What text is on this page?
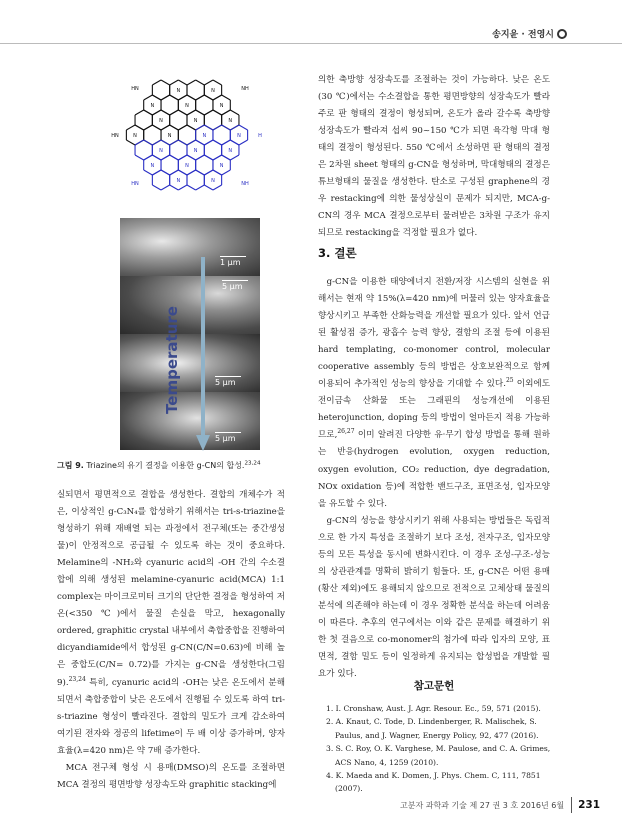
송지윤 · 전영시
N	N
N	N	N
N	N	N
N	N	N	N
N	N	N
N	N	N
N	N
HN	NH
HN	H
HN	NH
1 μm
5 μm
5 μm
5 μm
Temperature
그림 9. Triazine의 유기 결정을 이용한 g-CN의 합성.$^{23,24}$

실되면서 평면적으로 결합을 생성한다. 결합의 개체수가 적은, 이상적인 g-C₃N₄를 합성하기 위해서는 tri-s-triazine을 형성하기 위해 재배열 되는 과정에서 전구체(또는 중간생성물)이 안정적으로 공급될 수 있도록 하는 것이 중요하다. Melamine의 -NH₂와 cyanuric acid의 -OH 간의 수소결합에 의해 생성된 melamine-cyanuric acid(MCA) 1:1 complex는 마이크로미터 크기의 단단한 결정을 형성하여 저온(<350 ℃)에서 물질 손실을 막고, hexagonally ordered, graphitic crystal 내부에서 축합중합을 진행하여 dicyandiamide에서 합성된 g-CN(C/N=0.63)에 비해 높은 중합도(C/N= 0.72)를 가지는 g-CN을 생성한다(그림 9).$^{23,24}$ 특히, cyanuric acid의 -OH는 낮은 온도에서 분해되면서 축합중합이 낮은 온도에서 진행될 수 있도록 하여 tri-s-triazine 형성이 빨라진다. 결합의 밀도가 크게 감소하여 여기된 전자와 정공의 lifetime이 두 배 이상 증가하며, 양자효율(λ=420 nm)은 약 7배 증가한다.

MCA 전구체 형성 시 용매(DMSO)의 온도를 조절하면 MCA 결정의 평면방향 성장속도와 graphitic stacking에

의한 축방향 성장속도를 조절하는 것이 가능하다. 낮은 온도(30 ℃)에서는 수소결합을 통한 평면방향의 성장속도가 빨라 주로 판 형태의 결정이 형성되며, 온도가 올라 갈수록 축방향 성장속도가 빨라져 섭씨 90~150 ℃가 되면 육각형 막대 형태의 결정이 형성된다. 550 ℃에서 소성하면 판 형태의 결정은 2차원 sheet 형태의 g-CN을 형성하며, 막대형태의 결정은 튜브형태의 물질을 생성한다. 탄소로 구성된 graphene의 경우 restacking에 의한 물성상실이 문제가 되지만, MCA-g-CN의 경우 MCA 결정으로부터 물려받은 3차원 구조가 유지되므로 restacking을 걱정할 필요가 없다.

3. 결론

g-CN을 이용한 태양에너지 전환/저장 시스템의 실현을 위해서는 현재 약 15%(λ=420 nm)에 머물러 있는 양자효율을 향상시키고 부족한 산화능력을 개선할 필요가 있다. 앞서 언급된 활성점 증가, 광흡수 능력 향상, 결함의 조절 등에 이용된 hard templating, co-monomer control, molecular cooperative assembly 등의 방법은 상호보완적으로 함께 이용되어 추가적인 성능의 향상을 기대할 수 있다.$^{25}$ 이외에도 전이금속 산화물 또는 그래핀의 성능개선에 이용된 heterojunction, doping 등의 방법이 얼마든지 적용 가능하므로,$^{26,27}$ 이미 알려진 다양한 유·무기 합성 방법을 통해 원하는 반응(hydrogen evolution, oxygen reduction, oxygen evolution, CO₂ reduction, dye degradation, NOx oxidation 등)에 적합한 밴드구조, 표면조성, 입자모양을 유도할 수 있다.

g-CN의 성능을 향상시키기 위해 사용되는 방법들은 독립적으로 한 가지 특성을 조절하기 보다 조성, 전자구조, 입자모양 등의 모든 특성을 동시에 변화시킨다. 이 경우 조성-구조-성능의 상관관계를 명확히 밝히기 힘들다. 또, g-CN은 어떤 용매(황산 제외)에도 용해되지 않으므로 전적으로 고체상태 물질의 분석에 의존해야 하는데 이 경우 정확한 분석을 하는데 어려움이 따른다. 추후의 연구에서는 이와 같은 문제를 해결하기 위한 첫 걸음으로 co-monomer의 첨가에 따라 입자의 모양, 표면적, 결함 밀도 등이 일정하게 유지되는 합성법을 개발할 필요가 있다.

참고문헌
1. I. Cronshaw, Aust. J. Agr. Resour. Ec., 59, 571 (2015).
2. A. Knaut, C. Tode, D. Lindenberger, R. Malischek, S. Paulus, and J. Wagner, Energy Policy, 92, 477 (2016).
3. S. C. Roy, O. K. Varghese, M. Paulose, and C. A. Grimes, ACS Nano, 4, 1259 (2010).
4. K. Maeda and K. Domen, J. Phys. Chem. C, 111, 7851 (2007).
고분자 과학과 기술 제 27 권 3 호 2016년 6월 231
